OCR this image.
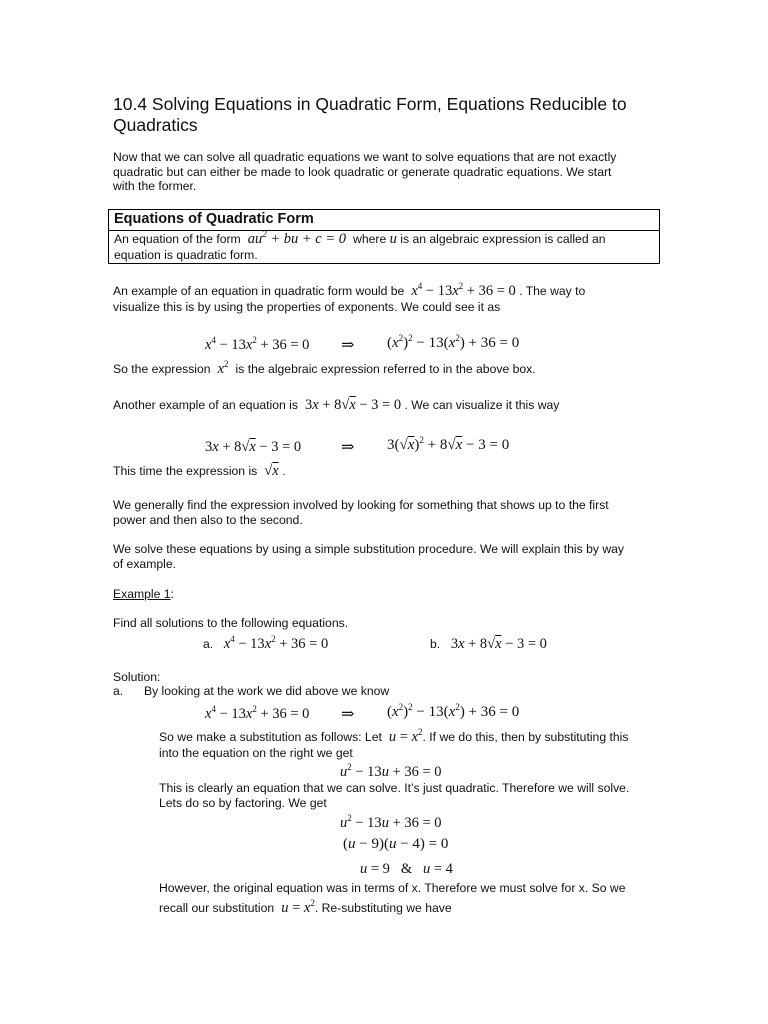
10.4 Solving Equations in Quadratic Form, Equations Reducible to
Quadratics
Now that we can solve all quadratic equations we want to solve equations that are not exactly
quadratic but can either be made to look quadratic or generate quadratic equations. We start
with the former.
Equations of Quadratic Form
An equation of the form  $au^2$ + bu + c = 0  where u is an algebraic expression is called an
equation is quadratic form.
An example of an equation in quadratic form would be $x^4 - 13x^2 + 36 = 0$ . The way to
visualize this is by using the properties of exponents. We could see it as
$x^4 - 13x^2 + 36 = 0$ ⇒ $(x^2)^2 - 13(x^2) + 36 = 0$
So the expression $x^2$ is the algebraic expression referred to in the above box.
Another example of an equation is  3x + 8√x − 3 = 0 . We can visualize it this way
3x + 8√x − 3 = 0 ⇒ $3(√x)^2 + 8√x - 3 = 0$
This time the expression is  √x .
We generally find the expression involved by looking for something that shows up to the first
power and then also to the second.
We solve these equations by using a simple substitution procedure. We will explain this by way
of example.
Example 1:
Find all solutions to the following equations.
a. $x^4 - 13x^2 + 36 = 0$	b.   3x + 8√x − 3 = 0
Solution:
a. By looking at the work we did above we know
$x^4 - 13x^2 + 36 = 0$ ⇒ $(x^2)^2 - 13(x^2) + 36 = 0$
So we make a substitution as follows: Let $u = x^2$. If we do this, then by substituting this
into the equation on the right we get
$u^2 - 13u + 36 = 0$
This is clearly an equation that we can solve. It’s just quadratic. Therefore we will solve.
Lets do so by factoring. We get
$u^2 - 13u + 36 = 0$
(u − 9)(u − 4) = 0
u = 9   & u = 4
However, the original equation was in terms of x. Therefore we must solve for x. So we
recall our substitution $u = x^2$. Re-substituting we have
